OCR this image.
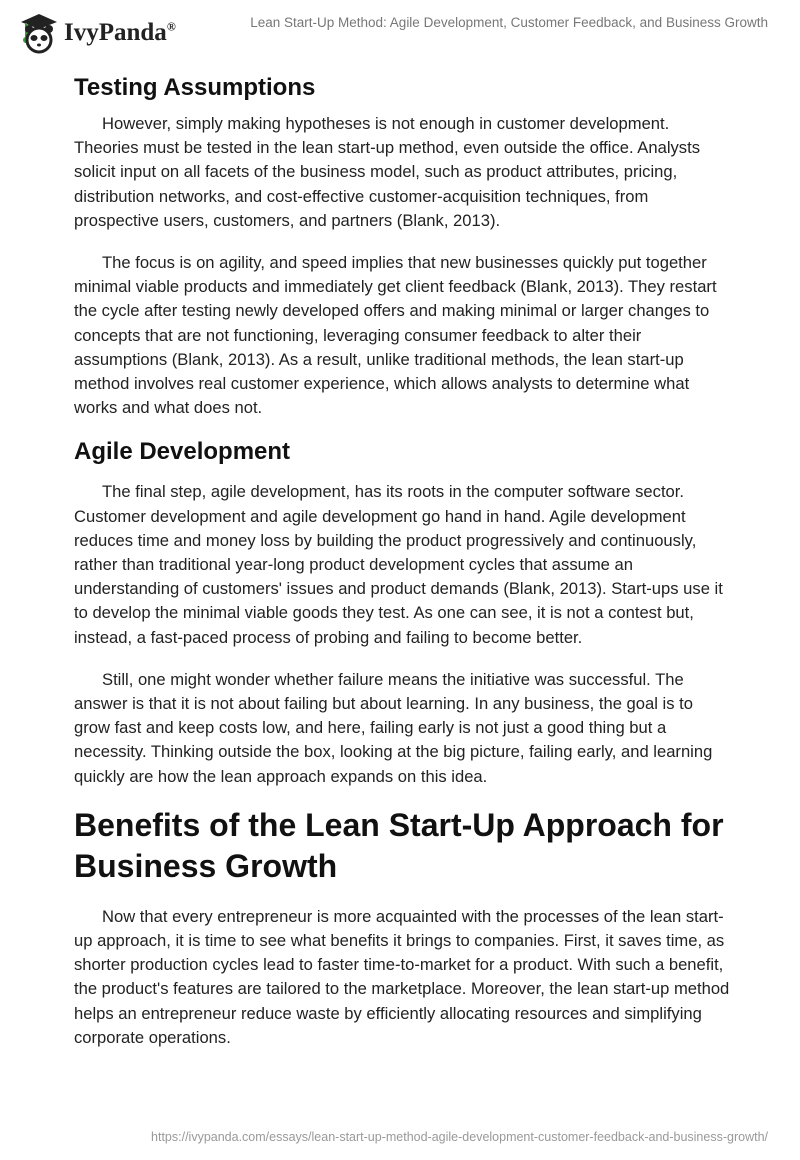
IvyPanda®	Lean Start-Up Method: Agile Development, Customer Feedback, and Business Growth
Testing Assumptions

However, simply making hypotheses is not enough in customer development. Theories must be tested in the lean start-up method, even outside the office. Analysts solicit input on all facets of the business model, such as product attributes, pricing, distribution networks, and cost-effective customer-acquisition techniques, from prospective users, customers, and partners (Blank, 2013).

The focus is on agility, and speed implies that new businesses quickly put together minimal viable products and immediately get client feedback (Blank, 2013). They restart the cycle after testing newly developed offers and making minimal or larger changes to concepts that are not functioning, leveraging consumer feedback to alter their assumptions (Blank, 2013). As a result, unlike traditional methods, the lean start-up method involves real customer experience, which allows analysts to determine what works and what does not.

Agile Development

The final step, agile development, has its roots in the computer software sector. Customer development and agile development go hand in hand. Agile development reduces time and money loss by building the product progressively and continuously, rather than traditional year-long product development cycles that assume an understanding of customers' issues and product demands (Blank, 2013). Start-ups use it to develop the minimal viable goods they test. As one can see, it is not a contest but, instead, a fast-paced process of probing and failing to become better.

Still, one might wonder whether failure means the initiative was successful. The answer is that it is not about failing but about learning. In any business, the goal is to grow fast and keep costs low, and here, failing early is not just a good thing but a necessity. Thinking outside the box, looking at the big picture, failing early, and learning quickly are how the lean approach expands on this idea.

Benefits of the Lean Start-Up Approach for Business Growth

Now that every entrepreneur is more acquainted with the processes of the lean start-up approach, it is time to see what benefits it brings to companies. First, it saves time, as shorter production cycles lead to faster time-to-market for a product. With such a benefit, the product's features are tailored to the marketplace. Moreover, the lean start-up method helps an entrepreneur reduce waste by efficiently allocating resources and simplifying corporate operations.

https://ivypanda.com/essays/lean-start-up-method-agile-development-customer-feedback-and-business-growth/
